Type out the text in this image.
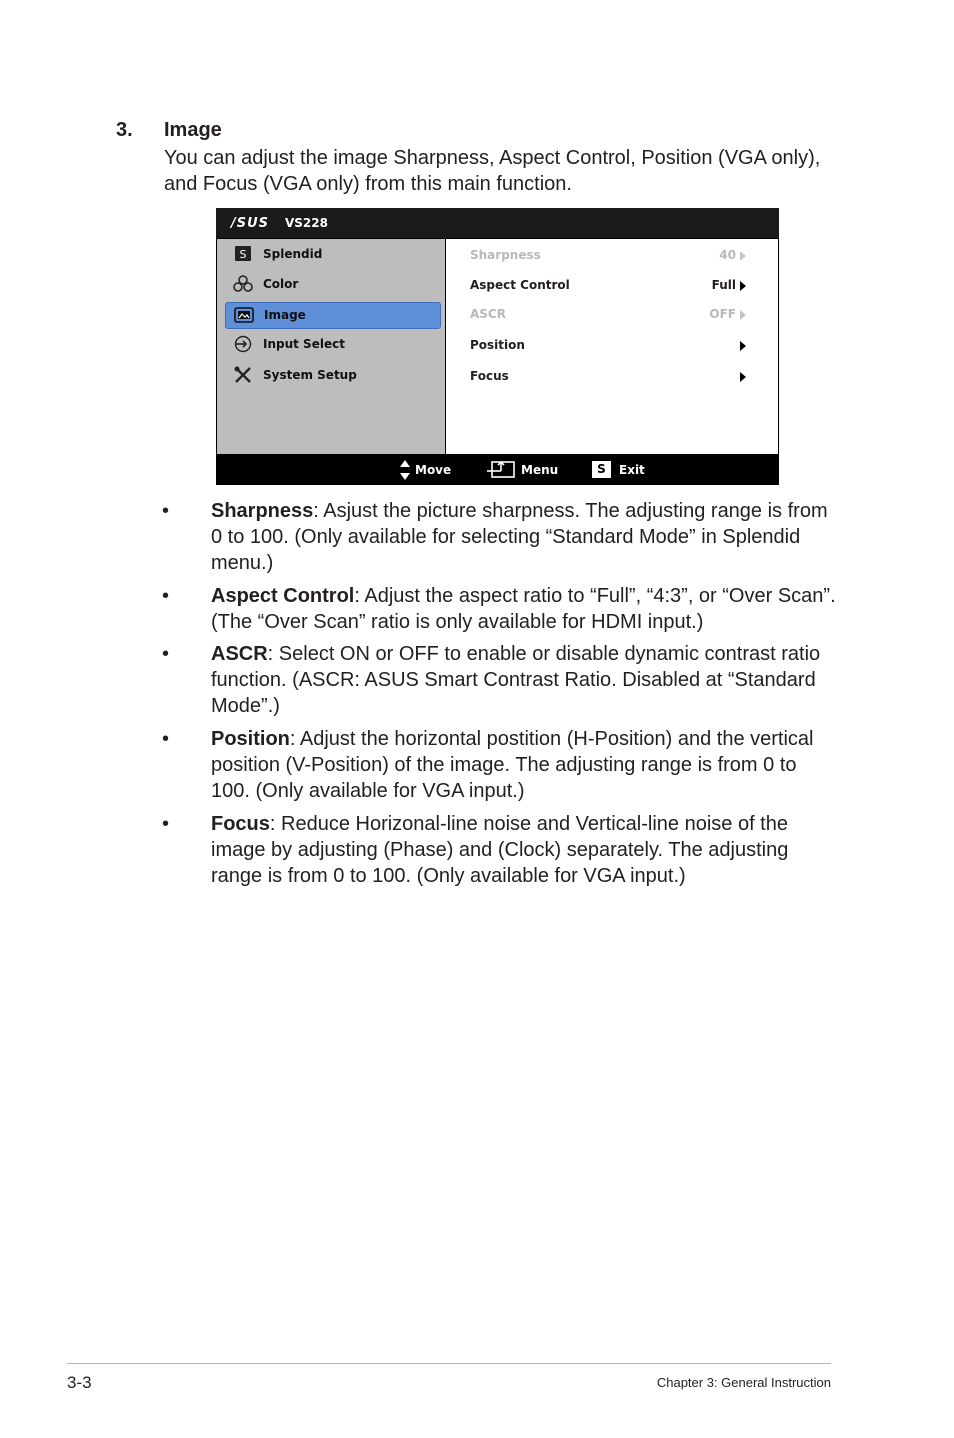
3. Image
You can adjust the image Sharpness, Aspect Control, Position (VGA only), and Focus (VGA only) from this main function.
/SUS VS228
S Splendid
Color
Image
Input Select
System Setup
Sharpness	40
Aspect Control	Full
ASCR	OFF
Position
Focus
Move	Menu	S	Exit
• Sharpness: Asjust the picture sharpness. The adjusting range is from 0 to 100. (Only available for selecting “Standard Mode” in Splendid menu.)
• Aspect Control: Adjust the aspect ratio to “Full”, “4:3”, or “Over Scan”. (The “Over Scan” ratio is only available for HDMI input.)
• ASCR: Select ON or OFF to enable or disable dynamic contrast ratio function. (ASCR: ASUS Smart Contrast Ratio. Disabled at “Standard Mode”.)
• Position: Adjust the horizontal postition (H-Position) and the vertical position (V-Position) of the image. The adjusting range is from 0 to 100. (Only available for VGA input.)
• Focus: Reduce Horizonal-line noise and Vertical-line noise of the image by adjusting (Phase) and (Clock) separately. The adjusting range is from 0 to 100. (Only available for VGA input.)
3-3	Chapter 3: General Instruction
